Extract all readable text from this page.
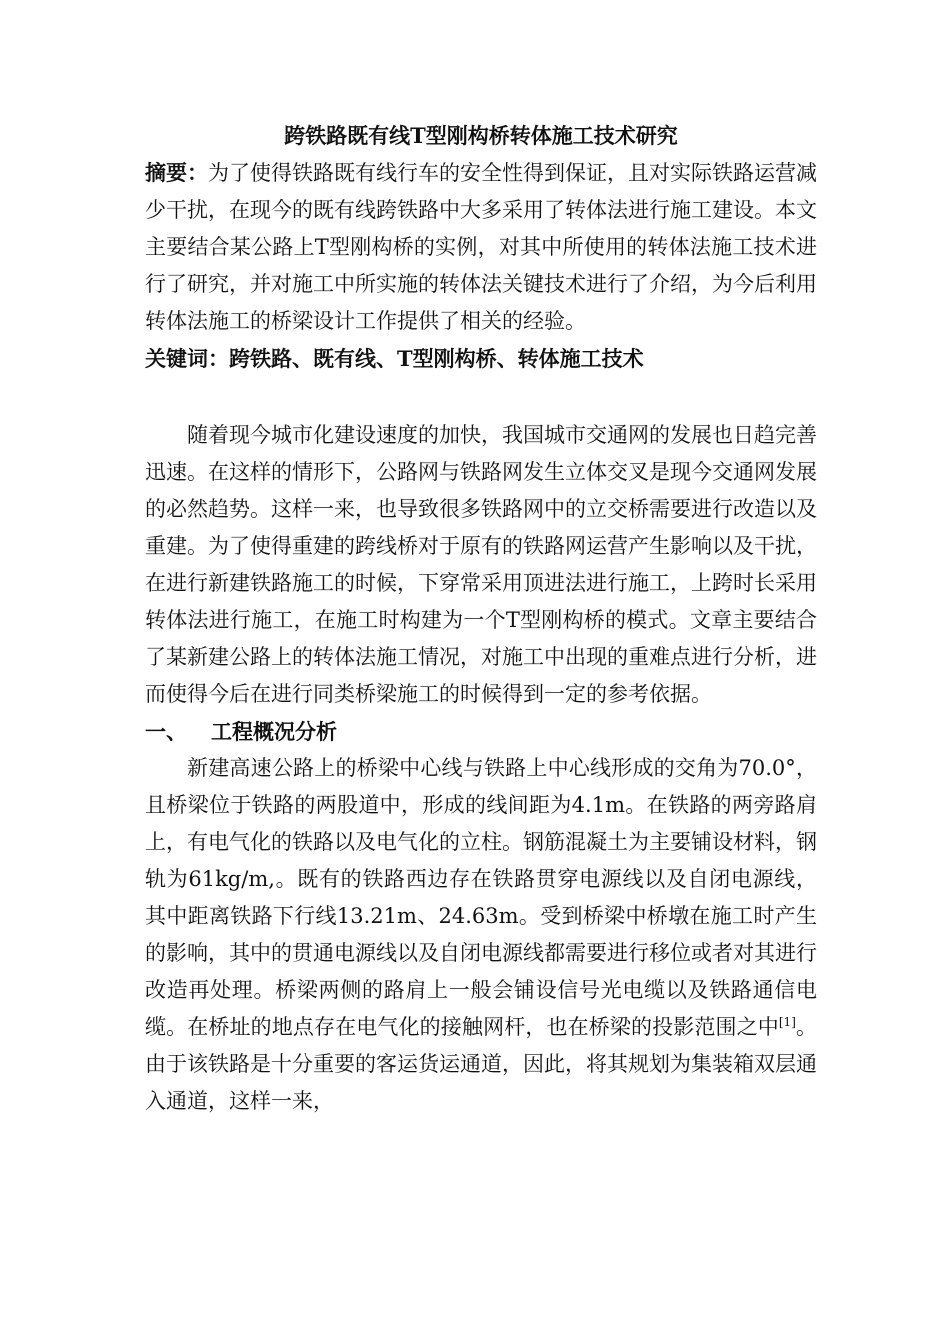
跨铁路既有线T型刚构桥转体施工技术研究

摘要：为了使得铁路既有线行车的安全性得到保证，且对实际铁路运营减少干扰，在现今的既有线跨铁路中大多采用了转体法进行施工建设。本文主要结合某公路上T型刚构桥的实例，对其中所使用的转体法施工技术进行了研究，并对施工中所实施的转体法关键技术进行了介绍，为今后利用转体法施工的桥梁设计工作提供了相关的经验。

关键词：跨铁路、既有线、T型刚构桥、转体施工技术

随着现今城市化建设速度的加快，我国城市交通网的发展也日趋完善迅速。在这样的情形下，公路网与铁路网发生立体交叉是现今交通网发展的必然趋势。这样一来，也导致很多铁路网中的立交桥需要进行改造以及重建。为了使得重建的跨线桥对于原有的铁路网运营产生影响以及干扰，在进行新建铁路施工的时候，下穿常采用顶进法进行施工，上跨时长采用转体法进行施工，在施工时构建为一个T型刚构桥的模式。文章主要结合了某新建公路上的转体法施工情况，对施工中出现的重难点进行分析，进而使得今后在进行同类桥梁施工的时候得到一定的参考依据。

一、 工程概况分析

新建高速公路上的桥梁中心线与铁路上中心线形成的交角为70.0°，且桥梁位于铁路的两股道中，形成的线间距为4.1m。在铁路的两旁路肩上，有电气化的铁路以及电气化的立柱。钢筋混凝土为主要铺设材料，钢轨为61kg/m,。既有的铁路西边存在铁路贯穿电源线以及自闭电源线，其中距离铁路下行线13.21m、24.63m。受到桥梁中桥墩在施工时产生的影响，其中的贯通电源线以及自闭电源线都需要进行移位或者对其进行改造再处理。桥梁两侧的路肩上一般会铺设信号光电缆以及铁路通信电缆。在桥址的地点存在电气化的接触网杆，也在桥梁的投影范围之中[1]。由于该铁路是十分重要的客运货运通道，因此，将其规划为集装箱双层通入通道，这样一来，
